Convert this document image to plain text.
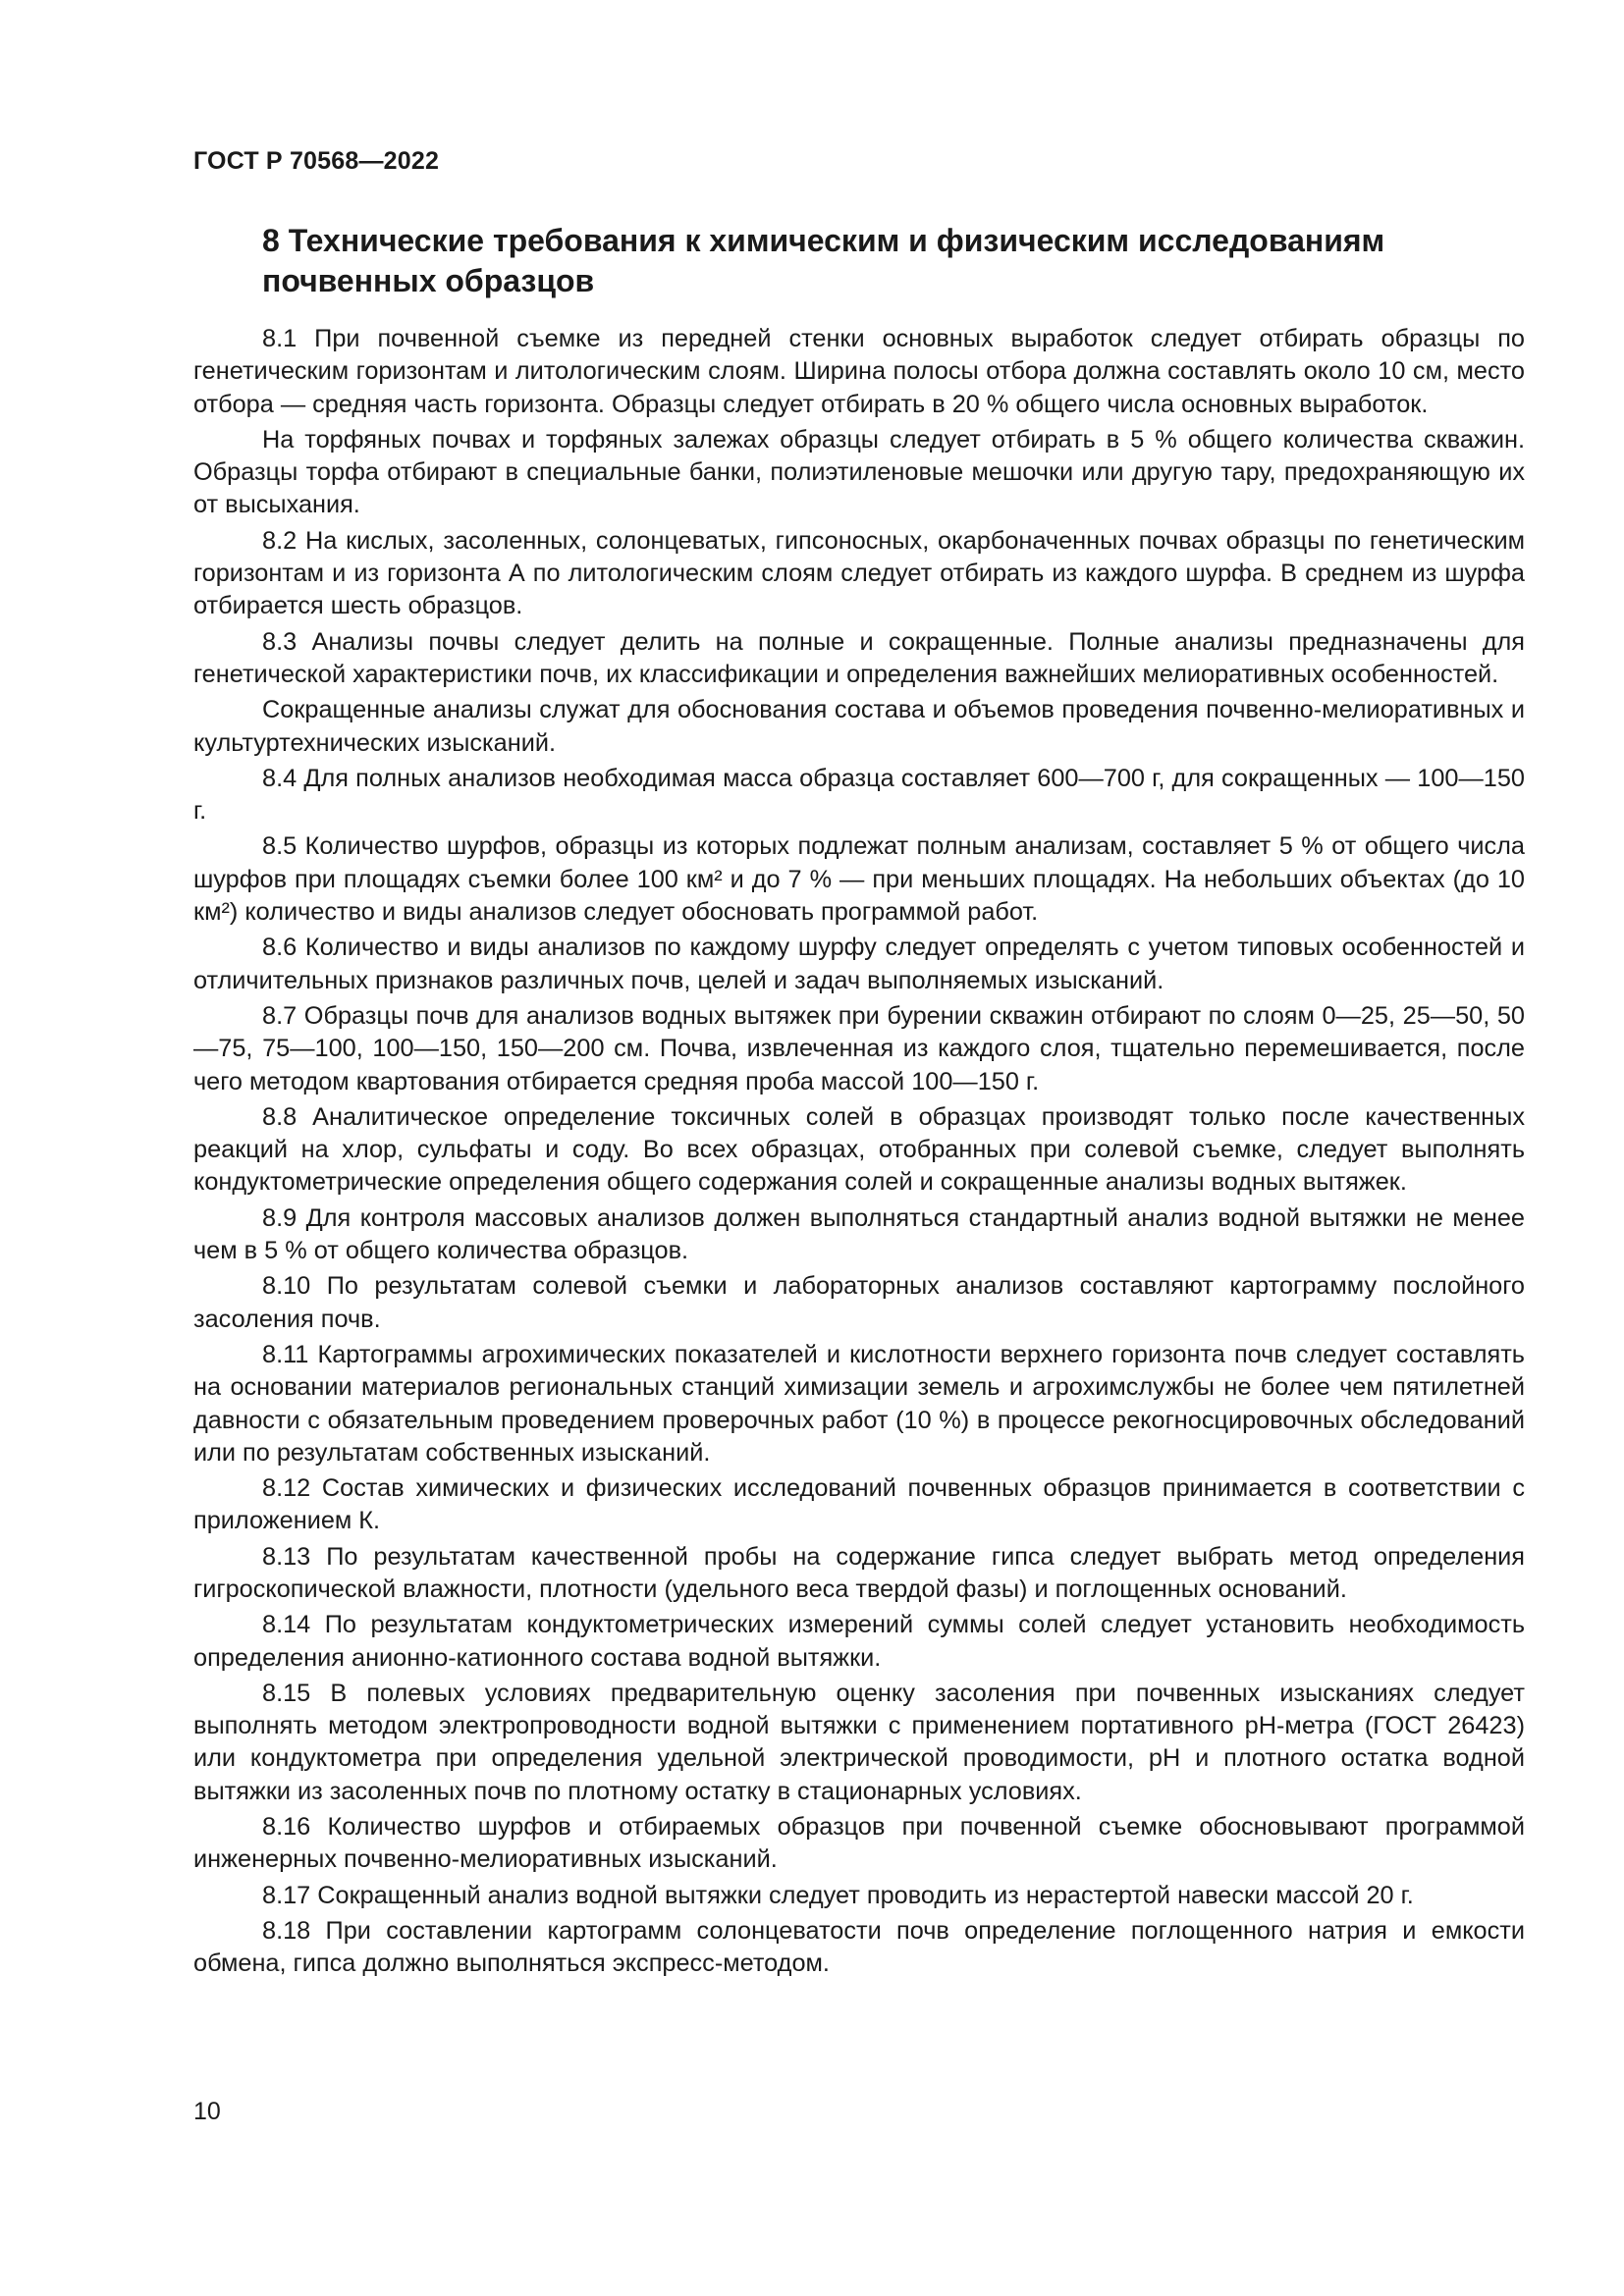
ГОСТ Р 70568—2022
8 Технические требования к химическим и физическим исследованиям почвенных образцов

8.1 При почвенной съемке из передней стенки основных выработок следует отбирать образцы по генетическим горизонтам и литологическим слоям. Ширина полосы отбора должна составлять около 10 см, место отбора — средняя часть горизонта. Образцы следует отбирать в 20 % общего числа основных выработок.

На торфяных почвах и торфяных залежах образцы следует отбирать в 5 % общего количества скважин. Образцы торфа отбирают в специальные банки, полиэтиленовые мешочки или другую тару, предохраняющую их от высыхания.

8.2 На кислых, засоленных, солонцеватых, гипсоносных, окарбоначенных почвах образцы по генетическим горизонтам и из горизонта А по литологическим слоям следует отбирать из каждого шурфа. В среднем из шурфа отбирается шесть образцов.

8.3 Анализы почвы следует делить на полные и сокращенные. Полные анализы предназначены для генетической характеристики почв, их классификации и определения важнейших мелиоративных особенностей.

Сокращенные анализы служат для обоснования состава и объемов проведения почвенно-мелиоративных и культуртехнических изысканий.

8.4 Для полных анализов необходимая масса образца составляет 600—700 г, для сокращенных — 100—150 г.

8.5 Количество шурфов, образцы из которых подлежат полным анализам, составляет 5 % от общего числа шурфов при площадях съемки более 100 км² и до 7 % — при меньших площадях. На небольших объектах (до 10 км²) количество и виды анализов следует обосновать программой работ.

8.6 Количество и виды анализов по каждому шурфу следует определять с учетом типовых особенностей и отличительных признаков различных почв, целей и задач выполняемых изысканий.

8.7 Образцы почв для анализов водных вытяжек при бурении скважин отбирают по слоям 0—25, 25—50, 50—75, 75—100, 100—150, 150—200 см. Почва, извлеченная из каждого слоя, тщательно перемешивается, после чего методом квартования отбирается средняя проба массой 100—150 г.

8.8 Аналитическое определение токсичных солей в образцах производят только после качественных реакций на хлор, сульфаты и соду. Во всех образцах, отобранных при солевой съемке, следует выполнять кондуктометрические определения общего содержания солей и сокращенные анализы водных вытяжек.

8.9 Для контроля массовых анализов должен выполняться стандартный анализ водной вытяжки не менее чем в 5 % от общего количества образцов.

8.10 По результатам солевой съемки и лабораторных анализов составляют картограмму послойного засоления почв.

8.11 Картограммы агрохимических показателей и кислотности верхнего горизонта почв следует составлять на основании материалов региональных станций химизации земель и агрохимслужбы не более чем пятилетней давности с обязательным проведением проверочных работ (10 %) в процессе рекогносцировочных обследований или по результатам собственных изысканий.

8.12 Состав химических и физических исследований почвенных образцов принимается в соответствии с приложением К.

8.13 По результатам качественной пробы на содержание гипса следует выбрать метод определения гигроскопической влажности, плотности (удельного веса твердой фазы) и поглощенных оснований.

8.14 По результатам кондуктометрических измерений суммы солей следует установить необходимость определения анионно-катионного состава водной вытяжки.

8.15 В полевых условиях предварительную оценку засоления при почвенных изысканиях следует выполнять методом электропроводности водной вытяжки с применением портативного pH-метра (ГОСТ 26423) или кондуктометра при определения удельной электрической проводимости, pH и плотного остатка водной вытяжки из засоленных почв по плотному остатку в стационарных условиях.

8.16 Количество шурфов и отбираемых образцов при почвенной съемке обосновывают программой инженерных почвенно-мелиоративных изысканий.

8.17 Сокращенный анализ водной вытяжки следует проводить из нерастертой навески массой 20 г.

8.18 При составлении картограмм солонцеватости почв определение поглощенного натрия и емкости обмена, гипса должно выполняться экспресс-методом.

10
